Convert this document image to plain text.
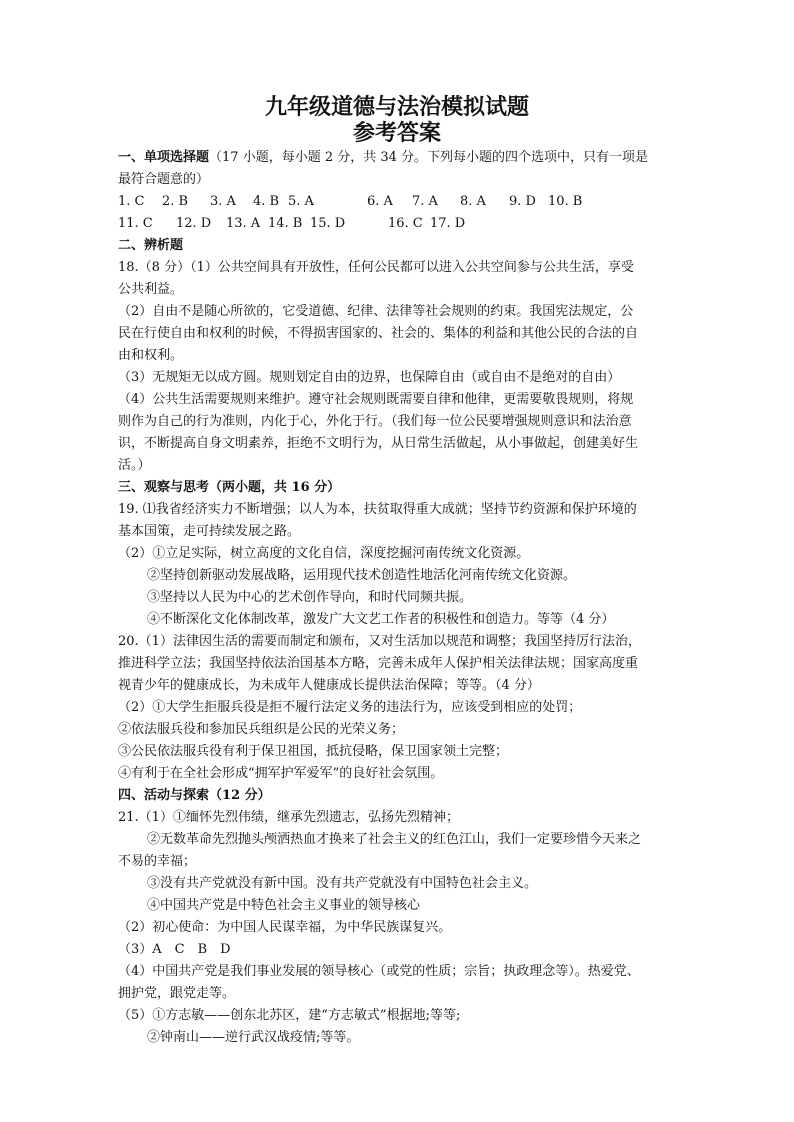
九年级道德与法治模拟试题
参考答案

一、单项选择题（17 小题，每小题 2 分，共 34 分。下列每小题的四个选项中，只有一项是

最符合题意的）

1. C	2. B	3. A	4. B 5. A	6. A	7. A	8. A	9. D 10. B

11. C	12. D	13. A 14. B 15. D	16. C 17. D

二、辨析题

18.（8 分）（1）公共空间具有开放性，任何公民都可以进入公共空间参与公共生活，享受

公共利益。

（2）自由不是随心所欲的，它受道德、纪律、法律等社会规则的约束。我国宪法规定，公

民在行使自由和权利的时候，不得损害国家的、社会的、集体的利益和其他公民的合法的自

由和权利。

（3）无规矩无以成方圆。规则划定自由的边界，也保障自由（或自由不是绝对的自由）

（4）公共生活需要规则来维护。遵守社会规则既需要自律和他律，更需要敬畏规则，将规

则作为自己的行为准则，内化于心，外化于行。（我们每一位公民要增强规则意识和法治意

识，不断提高自身文明素养，拒绝不文明行为，从日常生活做起，从小事做起，创建美好生

活。）

三、观察与思考（两小题，共 16 分）

19. ⑴我省经济实力不断增强；以人为本，扶贫取得重大成就；坚持节约资源和保护环境的

基本国策，走可持续发展之路。

（2）①立足实际，树立高度的文化自信，深度挖掘河南传统文化资源。

②坚持创新驱动发展战略，运用现代技术创造性地活化河南传统文化资源。

③坚持以人民为中心的艺术创作导向，和时代同频共振。

④不断深化文化体制改革，激发广大文艺工作者的积极性和创造力。等等（4 分）

20.（1）法律因生活的需要而制定和颁布，又对生活加以规范和调整；我国坚持厉行法治，

推进科学立法；我国坚持依法治国基本方略，完善未成年人保护相关法律法规；国家高度重

视青少年的健康成长，为未成年人健康成长提供法治保障；等等。（4 分）

（2）①大学生拒服兵役是拒不履行法定义务的违法行为，应该受到相应的处罚；

②依法服兵役和参加民兵组织是公民的光荣义务；

③公民依法服兵役有利于保卫祖国，抵抗侵略，保卫国家领土完整；

④有利于在全社会形成“拥军护军爱军”的良好社会氛围。

四、活动与探索（12 分）

21.（1）①缅怀先烈伟绩，继承先烈遗志，弘扬先烈精神；

②无数革命先烈抛头颅洒热血才换来了社会主义的红色江山，我们一定要珍惜今天来之

不易的幸福；

③没有共产党就没有新中国。没有共产党就没有中国特色社会主义。

④中国共产党是中特色社会主义事业的领导核心

（2）初心使命：为中国人民谋幸福，为中华民族谋复兴。

（3）A　C　B　D

（4）中国共产党是我们事业发展的领导核心（或党的性质；宗旨；执政理念等）。热爱党、

拥护党，跟党走等。

（5）①方志敏——创东北苏区，建“方志敏式”根据地;等等;

②钟南山——逆行武汉战疫情;等等。
